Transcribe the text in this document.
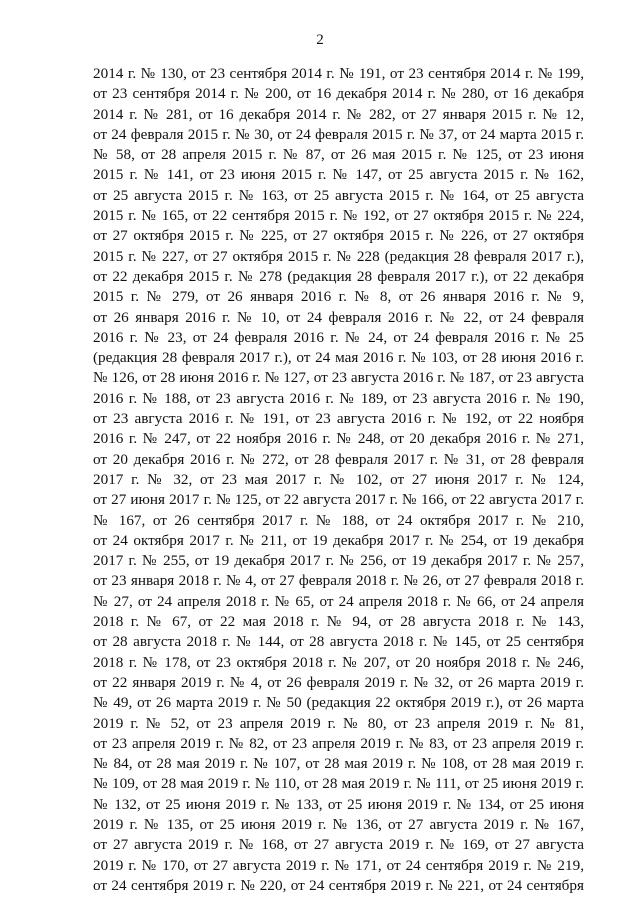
2
2014 г. № 130, от 23 сентября 2014 г. № 191, от 23 сентября 2014 г. № 199,
от 23 сентября 2014 г. № 200, от 16 декабря 2014 г. № 280, от 16 декабря
2014 г. № 281, от 16 декабря 2014 г. № 282, от 27 января 2015 г. № 12,
от 24 февраля 2015 г. № 30, от 24 февраля 2015 г. № 37, от 24 марта 2015 г.
№ 58, от 28 апреля 2015 г. № 87, от 26 мая 2015 г. № 125, от 23 июня
2015 г. № 141, от 23 июня 2015 г. № 147, от 25 августа 2015 г. № 162,
от 25 августа 2015 г. № 163, от 25 августа 2015 г. № 164, от 25 августа
2015 г. № 165, от 22 сентября 2015 г. № 192, от 27 октября 2015 г. № 224,
от 27 октября 2015 г. № 225, от 27 октября 2015 г. № 226, от 27 октября
2015 г. № 227, от 27 октября 2015 г. № 228 (редакция 28 февраля 2017 г.),
от 22 декабря 2015 г. № 278 (редакция 28 февраля 2017 г.), от 22 декабря
2015 г. № 279, от 26 января 2016 г. № 8, от 26 января 2016 г. № 9,
от 26 января 2016 г. № 10, от 24 февраля 2016 г. № 22, от 24 февраля
2016 г. № 23, от 24 февраля 2016 г. № 24, от 24 февраля 2016 г. № 25
(редакция 28 февраля 2017 г.), от 24 мая 2016 г. № 103, от 28 июня 2016 г.
№ 126, от 28 июня 2016 г. № 127, от 23 августа 2016 г. № 187, от 23 августа
2016 г. № 188, от 23 августа 2016 г. № 189, от 23 августа 2016 г. № 190,
от 23 августа 2016 г. № 191, от 23 августа 2016 г. № 192, от 22 ноября
2016 г. № 247, от 22 ноября 2016 г. № 248, от 20 декабря 2016 г. № 271,
от 20 декабря 2016 г. № 272, от 28 февраля 2017 г. № 31, от 28 февраля
2017 г. № 32, от 23 мая 2017 г. № 102, от 27 июня 2017 г. № 124,
от 27 июня 2017 г. № 125, от 22 августа 2017 г. № 166, от 22 августа 2017 г.
№ 167, от 26 сентября 2017 г. № 188, от 24 октября 2017 г. № 210,
от 24 октября 2017 г. № 211, от 19 декабря 2017 г. № 254, от 19 декабря
2017 г. № 255, от 19 декабря 2017 г. № 256, от 19 декабря 2017 г. № 257,
от 23 января 2018 г. № 4, от 27 февраля 2018 г. № 26, от 27 февраля 2018 г.
№ 27, от 24 апреля 2018 г. № 65, от 24 апреля 2018 г. № 66, от 24 апреля
2018 г. № 67, от 22 мая 2018 г. № 94, от 28 августа 2018 г. № 143,
от 28 августа 2018 г. № 144, от 28 августа 2018 г. № 145, от 25 сентября
2018 г. № 178, от 23 октября 2018 г. № 207, от 20 ноября 2018 г. № 246,
от 22 января 2019 г. № 4, от 26 февраля 2019 г. № 32, от 26 марта 2019 г.
№ 49, от 26 марта 2019 г. № 50 (редакция 22 октября 2019 г.), от 26 марта
2019 г. № 52, от 23 апреля 2019 г. № 80, от 23 апреля 2019 г. № 81,
от 23 апреля 2019 г. № 82, от 23 апреля 2019 г. № 83, от 23 апреля 2019 г.
№ 84, от 28 мая 2019 г. № 107, от 28 мая 2019 г. № 108, от 28 мая 2019 г.
№ 109, от 28 мая 2019 г. № 110, от 28 мая 2019 г. № 111, от 25 июня 2019 г.
№ 132, от 25 июня 2019 г. № 133, от 25 июня 2019 г. № 134, от 25 июня
2019 г. № 135, от 25 июня 2019 г. № 136, от 27 августа 2019 г. № 167,
от 27 августа 2019 г. № 168, от 27 августа 2019 г. № 169, от 27 августа
2019 г. № 170, от 27 августа 2019 г. № 171, от 24 сентября 2019 г. № 219,
от 24 сентября 2019 г. № 220, от 24 сентября 2019 г. № 221, от 24 сентября
